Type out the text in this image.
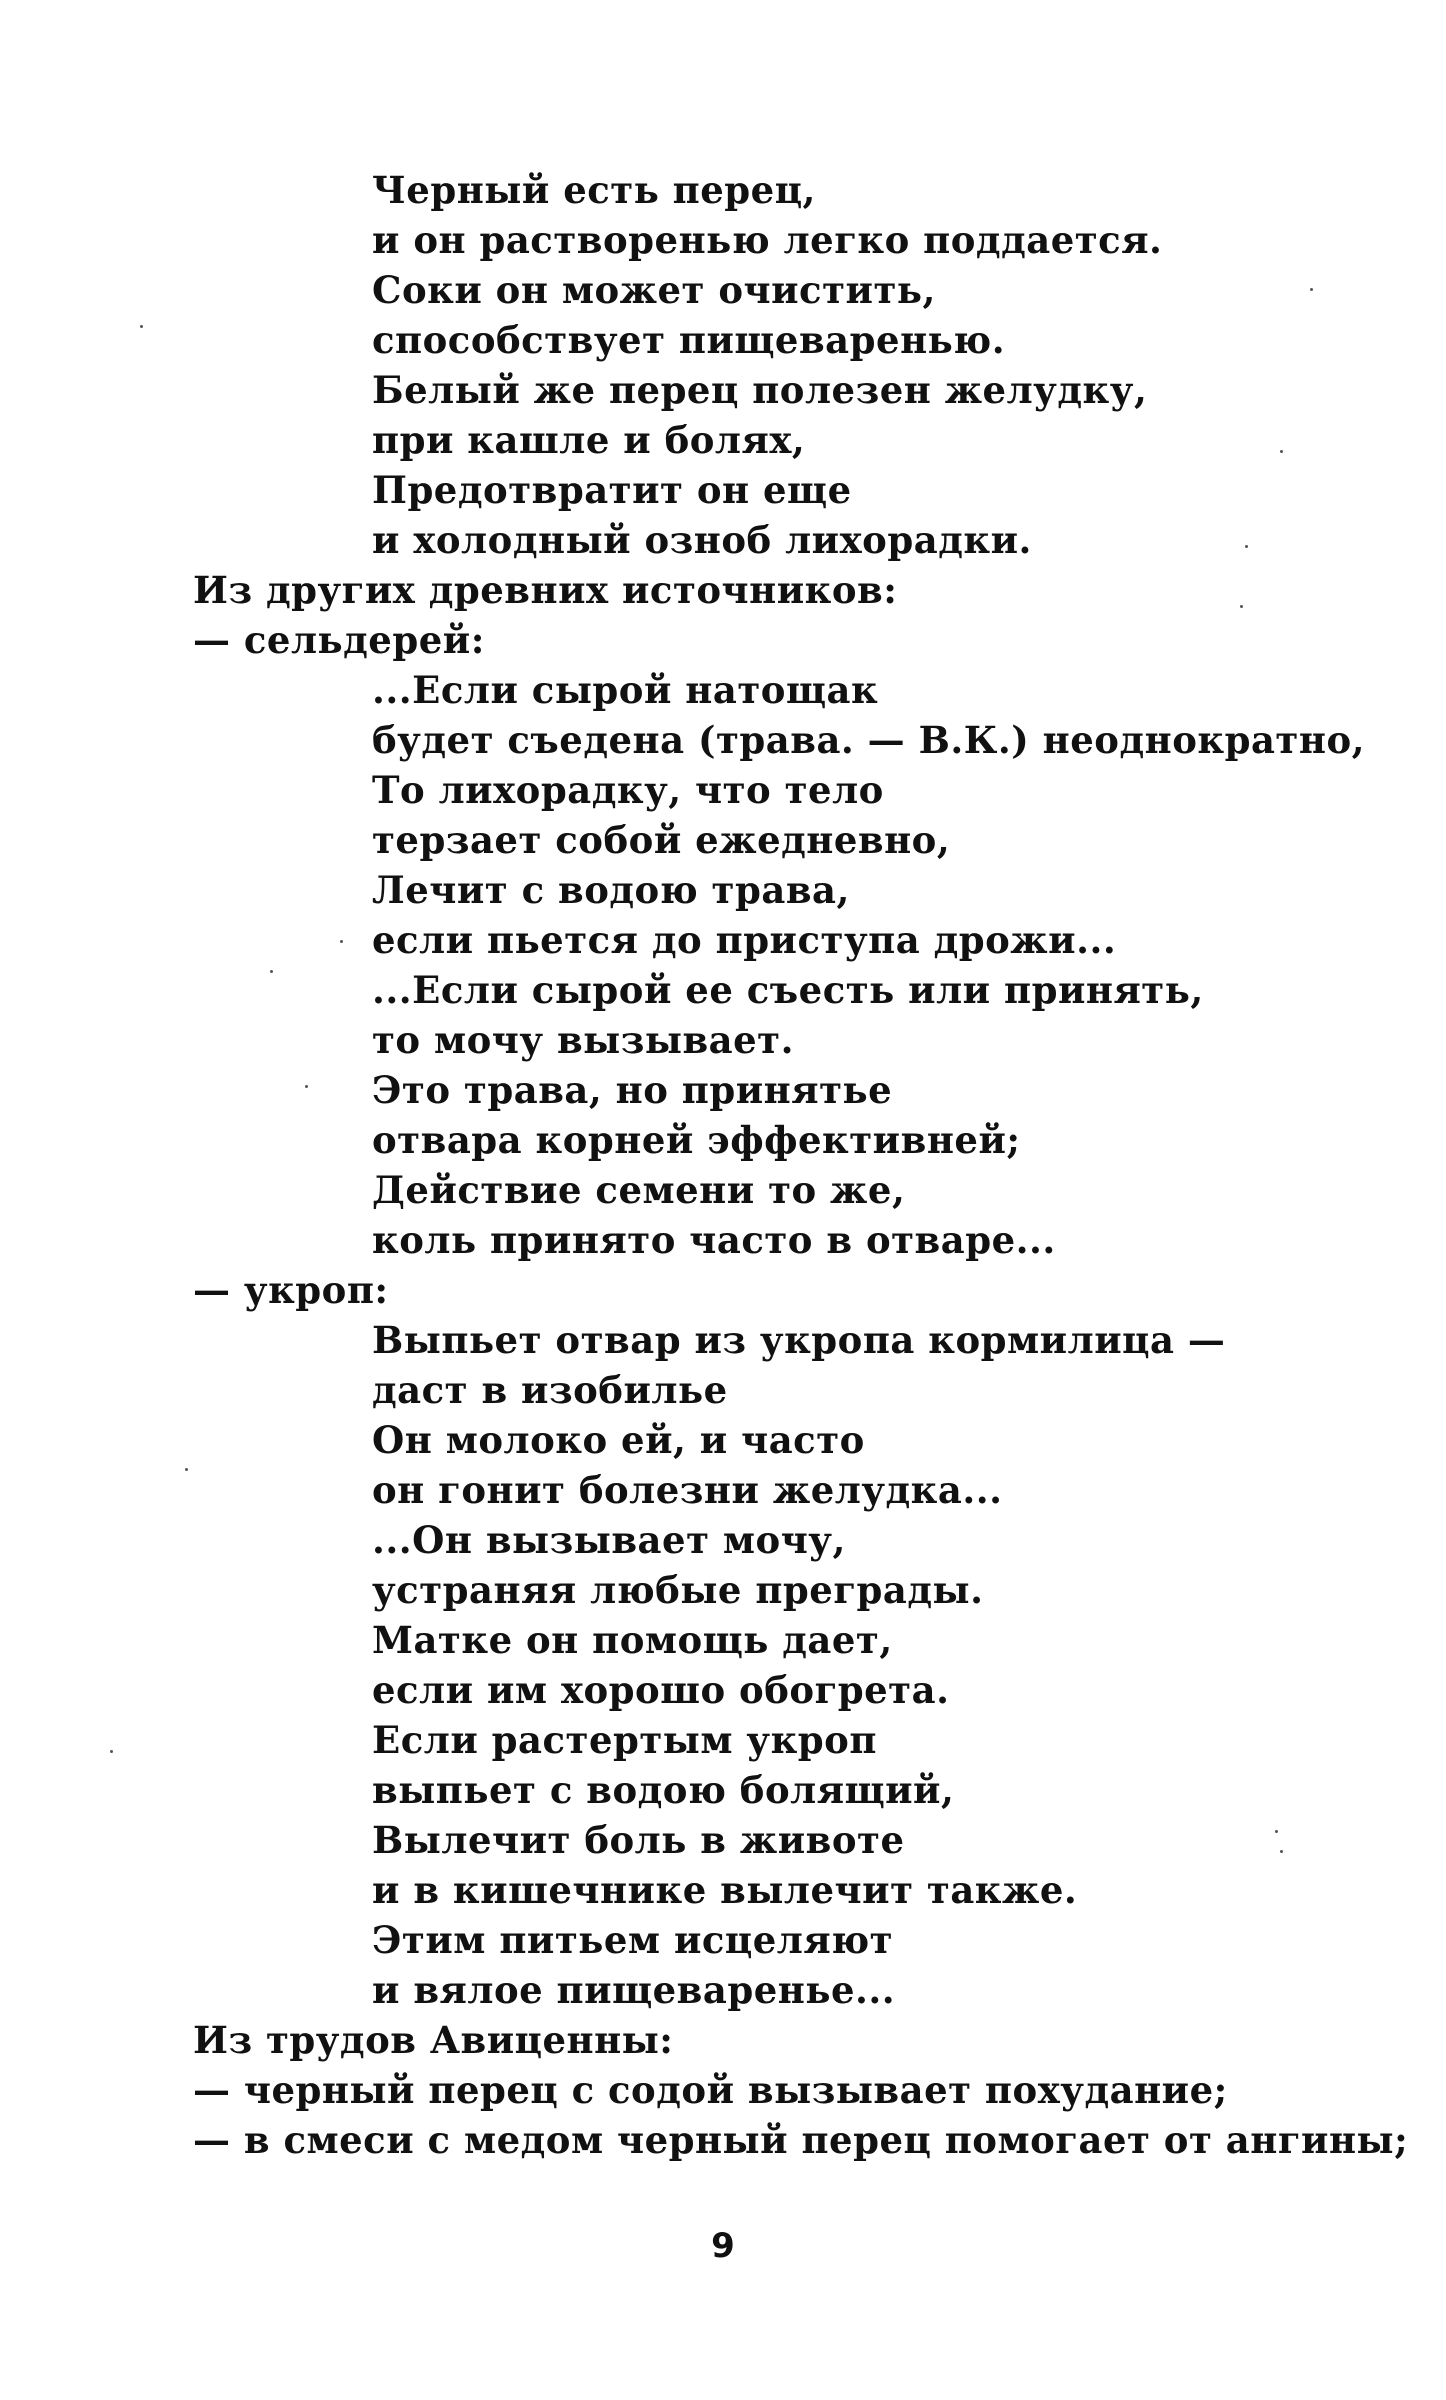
Черный есть перец,
и он растворенью легко поддается.
Соки он может очистить,
способствует пищеваренью.
Белый же перец полезен желудку,
при кашле и болях,
Предотвратит он еще
и холодный озноб лихорадки.

Из других древних источников:

— сельдерей:

...Если сырой натощак
будет съедена (трава. — В.К.) неоднократно,
То лихорадку, что тело
терзает собой ежедневно,
Лечит с водою трава,
если пьется до приступа дрожи...
...Если сырой ее съесть или принять,
то мочу вызывает.
Это трава, но принятье
отвара корней эффективней;
Действие семени то же,
коль принято часто в отваре...

— укроп:

Выпьет отвар из укропа кормилица —
даст в изобилье
Он молоко ей, и часто
он гонит болезни желудка...
...Он вызывает мочу,
устраняя любые преграды.
Матке он помощь дает,
если им хорошо обогрета.
Если растертым укроп
выпьет с водою болящий,
Вылечит боль в животе
и в кишечнике вылечит также.
Этим питьем исцеляют
и вялое пищеваренье...

Из трудов Авиценны:

— черный перец с содой вызывает похудание;
— в смеси с медом черный перец помогает от ангины;
9
